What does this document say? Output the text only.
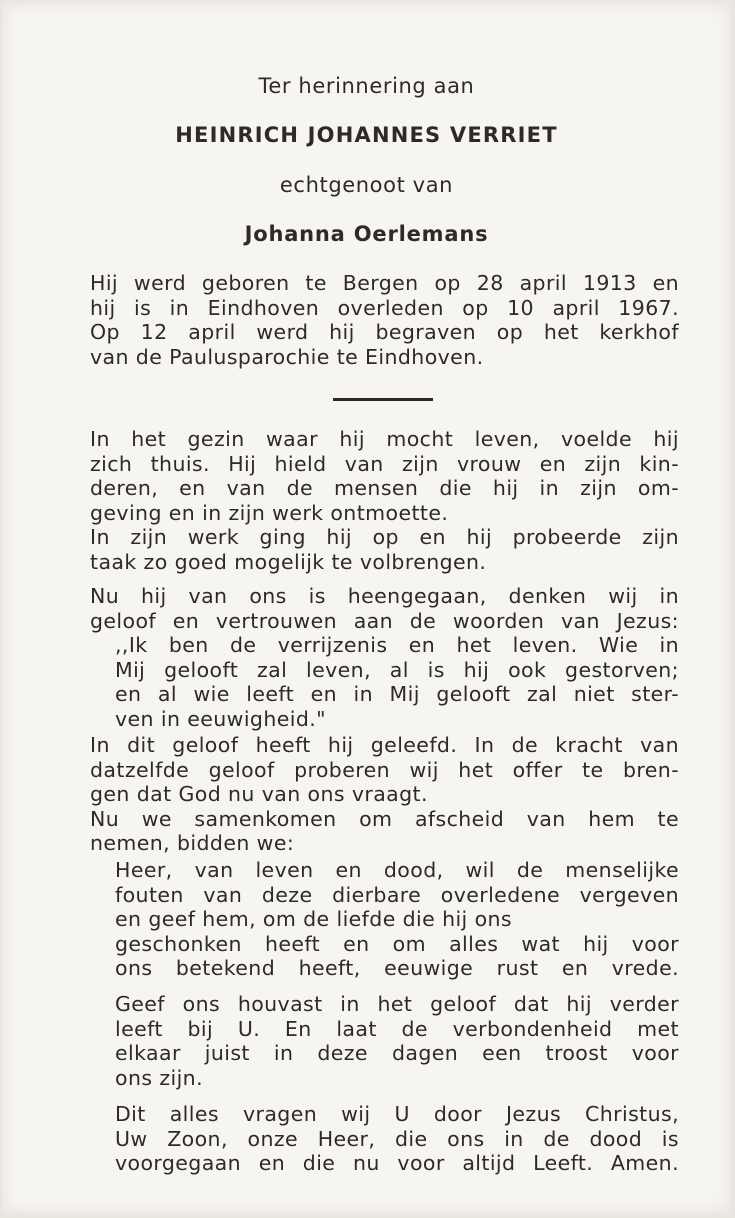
Ter herinnering aan
HEINRICH JOHANNES VERRIET
echtgenoot van
Johanna Oerlemans
Hij werd geboren te Bergen op 28 april 1913 en
hij is in Eindhoven overleden op 10 april 1967.
Op 12 april werd hij begraven op het kerkhof
van de Paulusparochie te Eindhoven.
In het gezin waar hij mocht leven, voelde hij
zich thuis. Hij hield van zijn vrouw en zijn kin-
deren, en van de mensen die hij in zijn om-
geving en in zijn werk ontmoette.
In zijn werk ging hij op en hij probeerde zijn
taak zo goed mogelijk te volbrengen.
Nu hij van ons is heengegaan, denken wij in
geloof en vertrouwen aan de woorden van Jezus:
,,Ik ben de verrijzenis en het leven. Wie in
Mij gelooft zal leven, al is hij ook gestorven;
en al wie leeft en in Mij gelooft zal niet ster-
ven in eeuwigheid."
In dit geloof heeft hij geleefd. In de kracht van
datzelfde geloof proberen wij het offer te bren-
gen dat God nu van ons vraagt.
Nu we samenkomen om afscheid van hem te
nemen, bidden we:
Heer, van leven en dood, wil de menselijke
fouten van deze dierbare overledene vergeven
en geef hem, om de liefde die hij ons
geschonken heeft en om alles wat hij voor
ons betekend heeft, eeuwige rust en vrede.
Geef ons houvast in het geloof dat hij verder
leeft bij U. En laat de verbondenheid met
elkaar juist in deze dagen een troost voor
ons zijn.
Dit alles vragen wij U door Jezus Christus,
Uw Zoon, onze Heer, die ons in de dood is
voorgegaan en die nu voor altijd Leeft. Amen.
